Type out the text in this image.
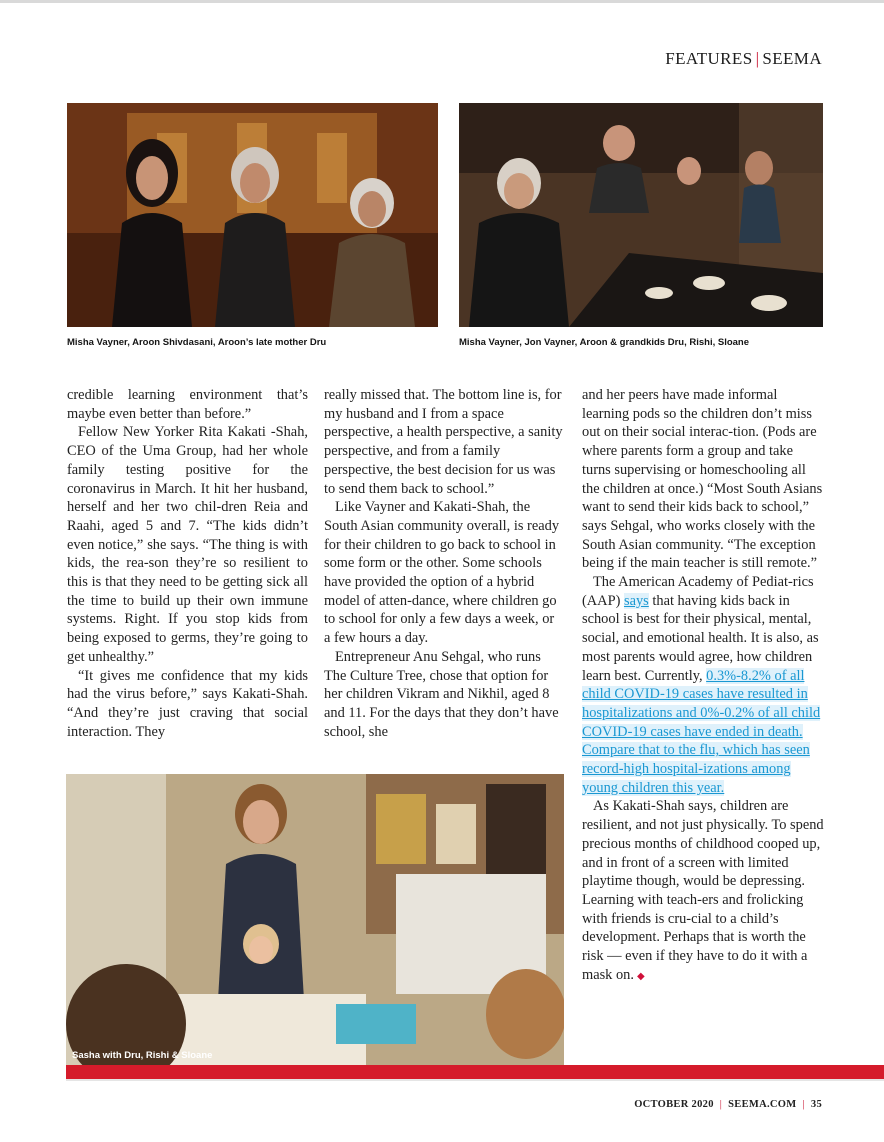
FEATURES | SEEMA
Misha Vayner, Aroon Shivdasani, Aroon’s late mother Dru	Misha Vayner, Jon Vayner, Aroon & grandkids Dru, Rishi, Sloane

credible learning environment that’s maybe even better than before.”

Fellow New Yorker Rita Kakati -Shah, CEO of the Uma Group, had her whole family testing positive for the coronavirus in March. It hit her husband, herself and her two chil-dren Reia and Raahi, aged 5 and 7. “The kids didn’t even notice,” she says. “The thing is with kids, the rea-son they’re so resilient to this is that they need to be getting sick all the time to build up their own immune systems. Right. If you stop kids from being exposed to germs, they’re going to get unhealthy.”

“It gives me confidence that my kids had the virus before,” says Kakati-Shah. “And they’re just craving that social interaction. They

really missed that. The bottom line is, for my husband and I from a space perspective, a health perspective, a sanity perspective, and from a family perspective, the best decision for us was to send them back to school.”

Like Vayner and Kakati-Shah, the South Asian community overall, is ready for their children to go back to school in some form or the other. Some schools have provided the option of a hybrid model of atten-dance, where children go to school for only a few days a week, or a few hours a day.

Entrepreneur Anu Sehgal, who runs The Culture Tree, chose that option for her children Vikram and Nikhil, aged 8 and 11. For the days that they don’t have school, she

and her peers have made informal learning pods so the children don’t miss out on their social interac-tion. (Pods are where parents form a group and take turns supervising or homeschooling all the children at once.) “Most South Asians want to send their kids back to school,” says Sehgal, who works closely with the South Asian community. “The exception being if the main teacher is still remote.”

The American Academy of Pediat-rics (AAP) says that having kids back in school is best for their physical, mental, social, and emotional health. It is also, as most parents would agree, how children learn best. Currently, 0.3%-8.2% of all child COVID-19 cases have resulted in hospitalizations and 0%-0.2% of all child COVID-19 cases have ended in death. Compare that to the flu, which has seen record-high hospital-izations among young children this year.

As Kakati-Shah says, children are resilient, and not just physically. To spend precious months of childhood cooped up, and in front of a screen with limited playtime though, would be depressing. Learning with teach-ers and frolicking with friends is cru-cial to a child’s development. Perhaps that is worth the risk — even if they have to do it with a mask on. ◆

Sasha with Dru, Rishi & Sloane
OCTOBER 2020 | SEEMA.COM | 35
